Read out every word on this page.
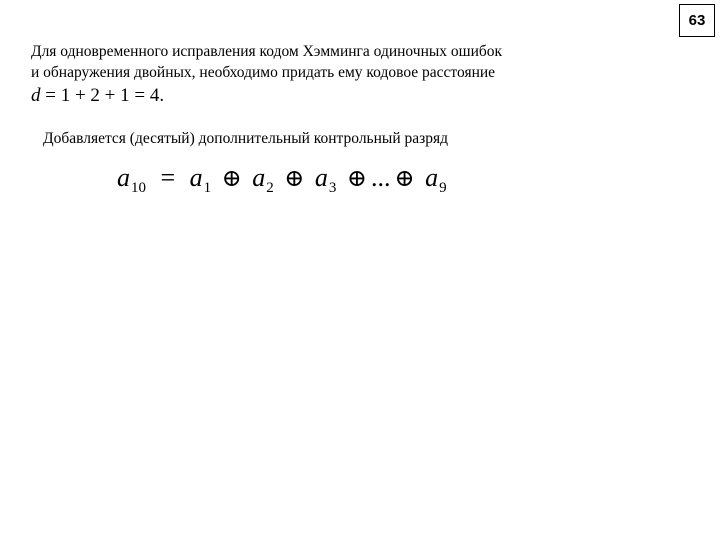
63
Для одновременного исправления кодом Хэмминга одиночных ошибок
и обнаружения двойных, необходимо придать ему кодовое расстояние
d = 1 + 2 + 1 = 4.
Добавляется (десятый) дополнительный контрольный разряд
$a_{10} = a_1$ ⊕ $a_2$ ⊕ $a_3$ ⊕ ... ⊕ $a_9$
